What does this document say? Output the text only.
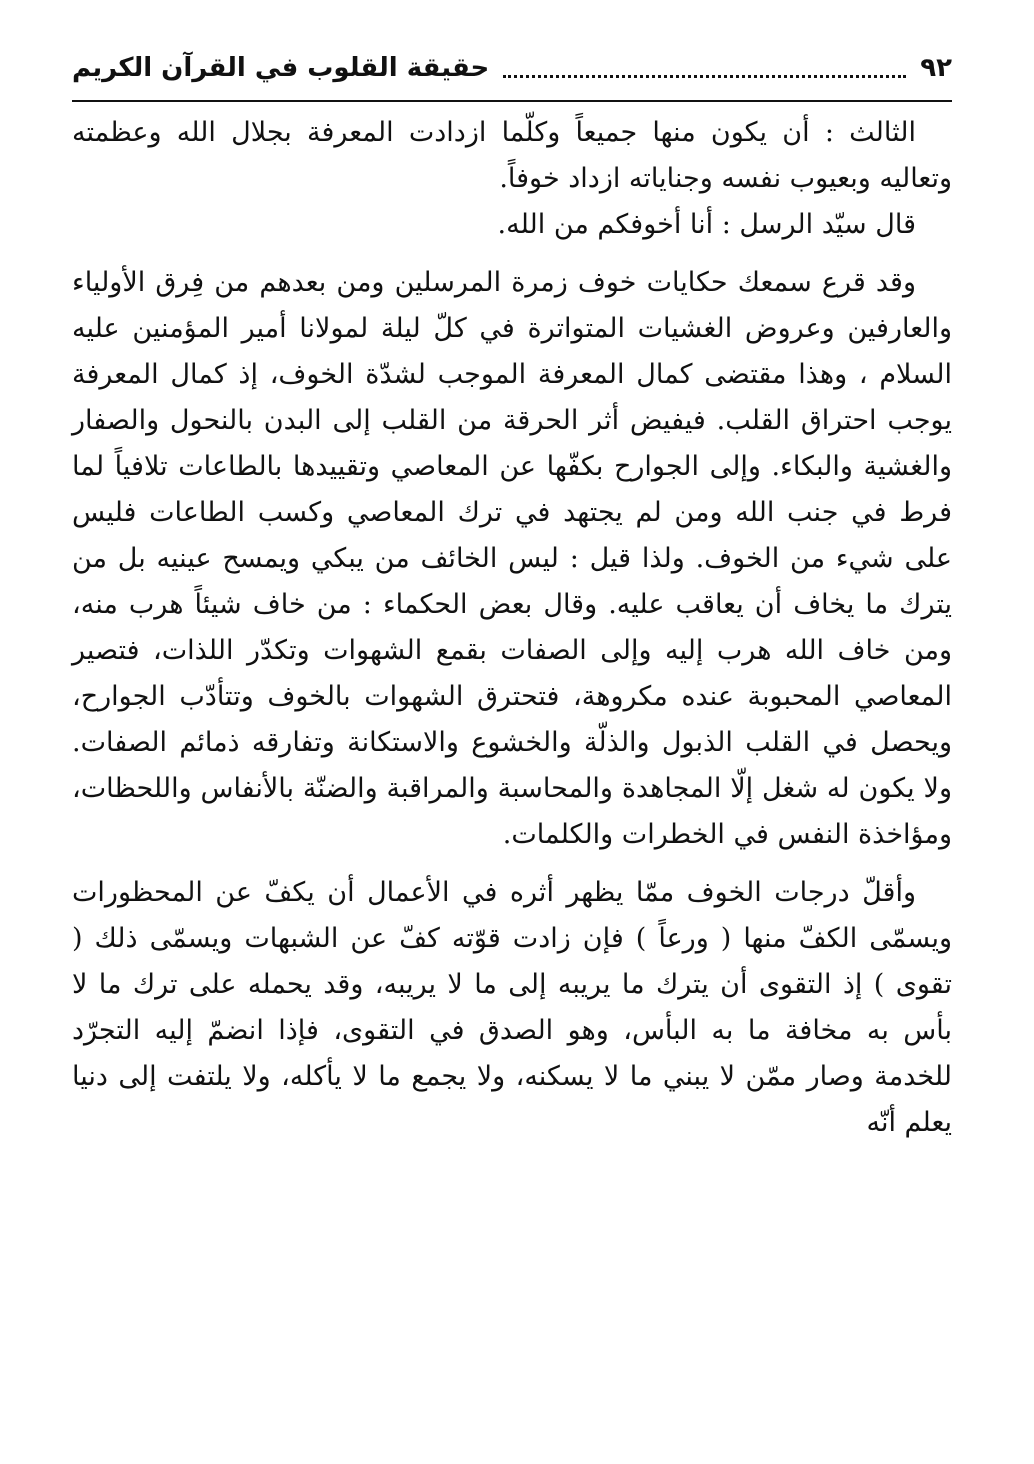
٩٢
حقيقة القلوب في القرآن الكريم

الثالث : أن يكون منها جميعاً وكلّما ازدادت المعرفة بجلال الله وعظمته وتعاليه وبعيوب نفسه وجناياته ازداد خوفاً.

قال سيّد الرسل : أنا أخوفكم من الله.

وقد قرع سمعك حكايات خوف زمرة المرسلين ومن بعدهم من فِرق الأولياء والعارفين وعروض الغشيات المتواترة في كلّ ليلة لمولانا أمير المؤمنين عليه السلام ، وهذا مقتضى كمال المعرفة الموجب لشدّة الخوف، إذ كمال المعرفة يوجب احتراق القلب. فيفيض أثر الحرقة من القلب إلى البدن بالنحول والصفار والغشية والبكاء. وإلى الجوارح بكفّها عن المعاصي وتقييدها بالطاعات تلافياً لما فرط في جنب الله ومن لم يجتهد في ترك المعاصي وكسب الطاعات فليس على شيء من الخوف. ولذا قيل : ليس الخائف من يبكي ويمسح عينيه بل من يترك ما يخاف أن يعاقب عليه. وقال بعض الحكماء : من خاف شيئاً هرب منه، ومن خاف الله هرب إليه وإلى الصفات بقمع الشهوات وتكدّر اللذات، فتصير المعاصي المحبوبة عنده مكروهة، فتحترق الشهوات بالخوف وتتأدّب الجوارح، ويحصل في القلب الذبول والذلّة والخشوع والاستكانة وتفارقه ذمائم الصفات. ولا يكون له شغل إلّا المجاهدة والمحاسبة والمراقبة والضنّة بالأنفاس واللحظات، ومؤاخذة النفس في الخطرات والكلمات.

وأقلّ درجات الخوف ممّا يظهر أثره في الأعمال أن يكفّ عن المحظورات ويسمّى الكفّ منها ( ورعاً ) فإن زادت قوّته كفّ عن الشبهات ويسمّى ذلك ( تقوى ) إذ التقوى أن يترك ما يريبه إلى ما لا يريبه، وقد يحمله على ترك ما لا بأس به مخافة ما به البأس، وهو الصدق في التقوى، فإذا انضمّ إليه التجرّد للخدمة وصار ممّن لا يبني ما لا يسكنه، ولا يجمع ما لا يأكله، ولا يلتفت إلى دنيا يعلم أنّه
